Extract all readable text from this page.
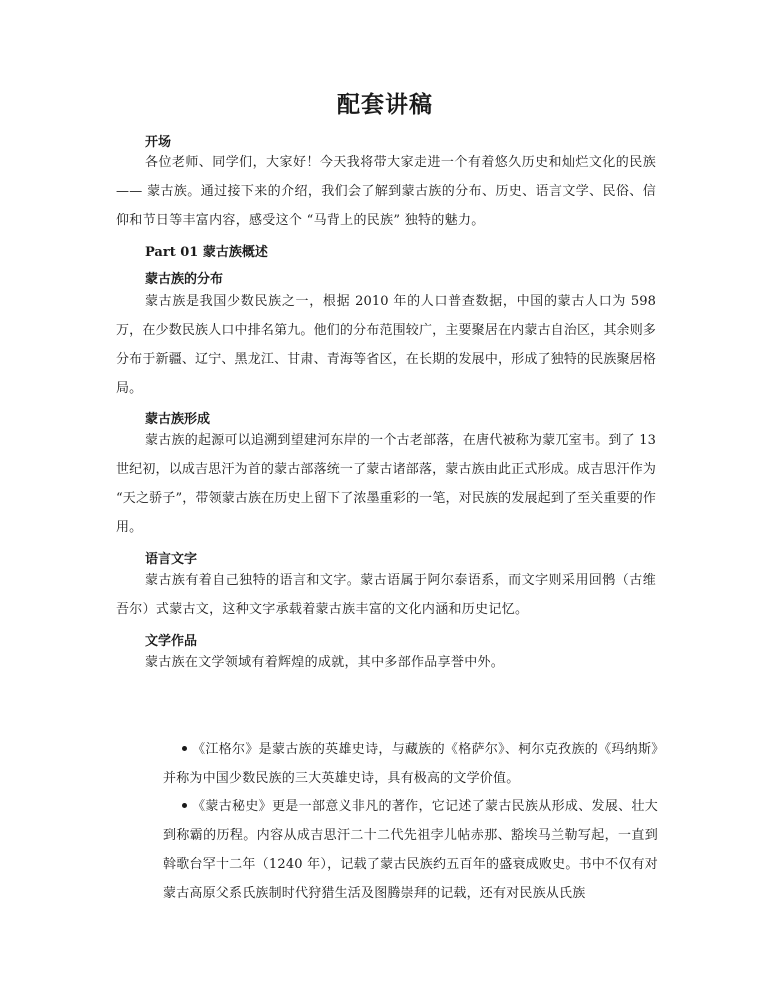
配套讲稿
开场
各位老师、同学们，大家好！今天我将带大家走进一个有着悠久历史和灿烂文化的民族 —— 蒙古族。通过接下来的介绍，我们会了解到蒙古族的分布、历史、语言文学、民俗、信仰和节日等丰富内容，感受这个 “马背上的民族” 独特的魅力。
Part 01 蒙古族概述
蒙古族的分布
蒙古族是我国少数民族之一，根据 2010 年的人口普查数据，中国的蒙古人口为 598 万，在少数民族人口中排名第九。他们的分布范围较广，主要聚居在内蒙古自治区，其余则多分布于新疆、辽宁、黑龙江、甘肃、青海等省区，在长期的发展中，形成了独特的民族聚居格局。
蒙古族形成
蒙古族的起源可以追溯到望建河东岸的一个古老部落，在唐代被称为蒙兀室韦。到了 13 世纪初，以成吉思汗为首的蒙古部落统一了蒙古诸部落，蒙古族由此正式形成。成吉思汗作为 “天之骄子”，带领蒙古族在历史上留下了浓墨重彩的一笔，对民族的发展起到了至关重要的作用。
语言文字
蒙古族有着自己独特的语言和文字。蒙古语属于阿尔泰语系，而文字则采用回鹘（古维吾尔）式蒙古文，这种文字承载着蒙古族丰富的文化内涵和历史记忆。
文学作品
蒙古族在文学领域有着辉煌的成就，其中多部作品享誉中外。
《江格尔》是蒙古族的英雄史诗，与藏族的《格萨尔》、柯尔克孜族的《玛纳斯》并称为中国少数民族的三大英雄史诗，具有极高的文学价值。
《蒙古秘史》更是一部意义非凡的著作，它记述了蒙古民族从形成、发展、壮大到称霸的历程。内容从成吉思汗二十二代先祖孛儿帖赤那、豁埃马兰勒写起，一直到斡歌台罕十二年（1240 年），记载了蒙古民族约五百年的盛衰成败史。书中不仅有对蒙古高原父系氏族制时代狩猎生活及图腾崇拜的记载，还有对民族从氏族
